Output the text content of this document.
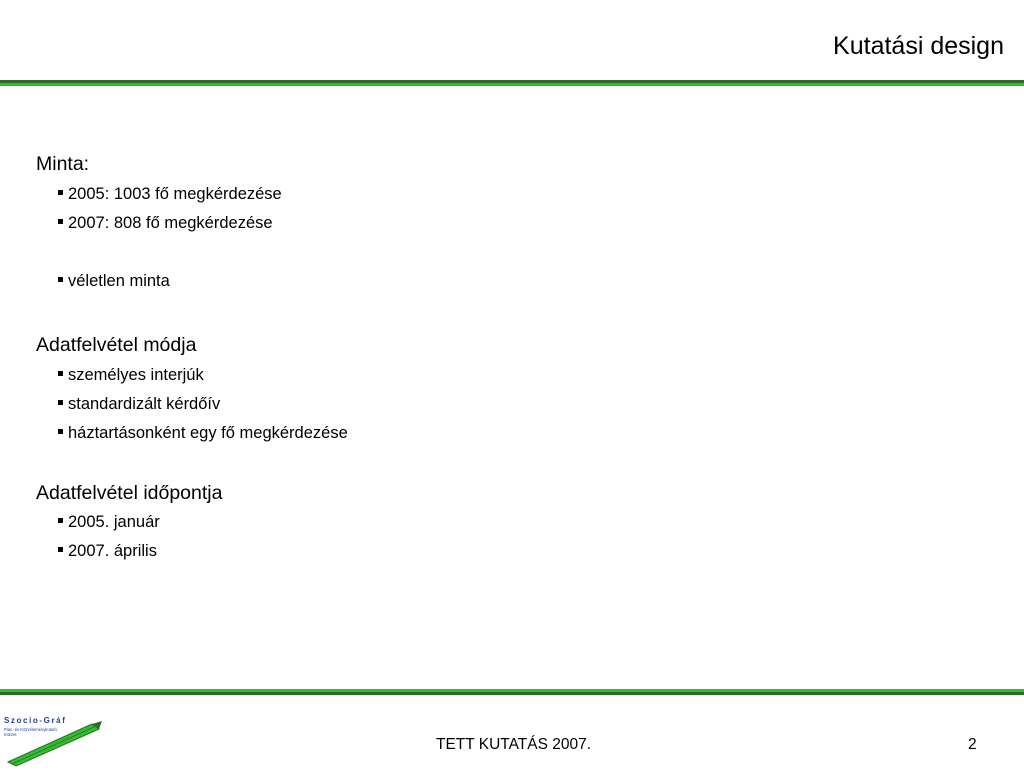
Kutatási design
Minta:
2005: 1003 fő megkérdezése
2007: 808 fő megkérdezése
véletlen minta
Adatfelvétel módja
személyes interjúk
standardizált kérdőív
háztartásonként egy fő megkérdezése
Adatfelvétel időpontja
2005. január
2007. április
Szocio-Gráf
Piac- és Közvéleménykutató
Intézet
TETT KUTATÁS 2007.	2
